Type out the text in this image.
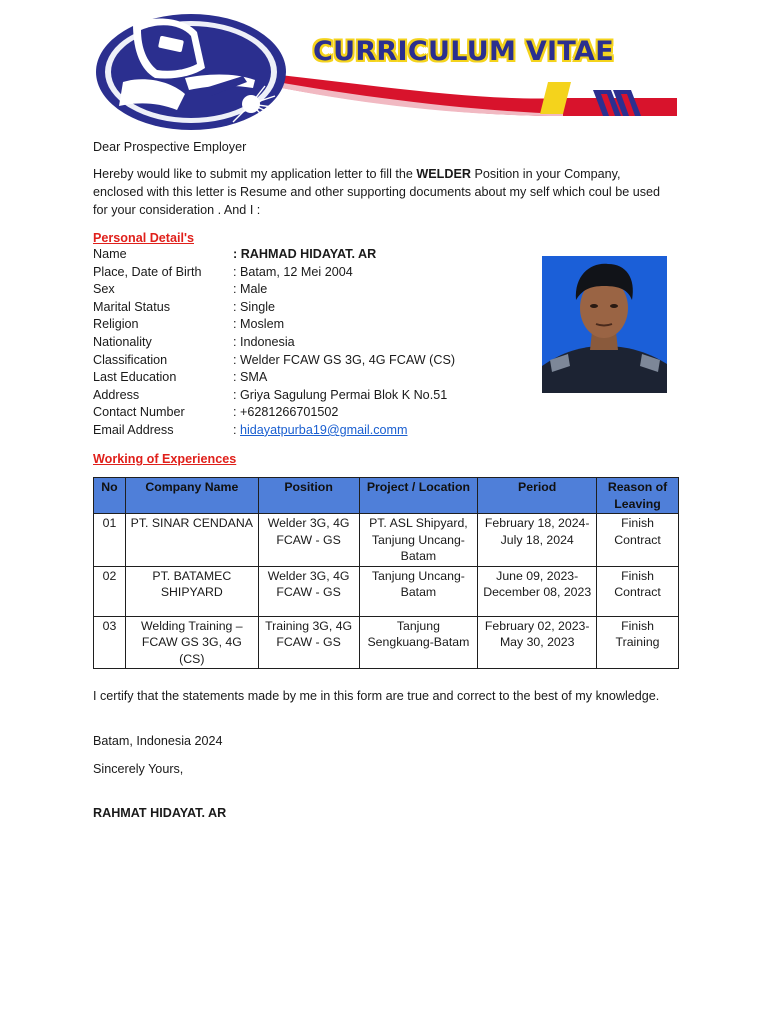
CURRICULUM VITAE
Dear Prospective Employer
Hereby would like to submit my application letter to fill the WELDER Position in your Company, enclosed with this letter is Resume and other supporting documents about my self which coul be used for your consideration . And I :
Personal Detail's
Name	: RAHMAD HIDAYAT. AR
Place, Date of Birth	: Batam, 12 Mei 2004
Sex	: Male
Marital Status	: Single
Religion	: Moslem
Nationality	: Indonesia
Classification	: Welder FCAW GS 3G, 4G FCAW (CS)
Last Education	: SMA
Address	: Griya Sagulung Permai Blok K No.51
Contact Number	: +6281266701502
Email Address	: hidayatpurba19@gmail.comm
Working of Experiences
No	Company Name	Position	Project / Location	Period	Reason of Leaving
01	PT. SINAR CENDANA	Welder 3G, 4G FCAW - GS	PT. ASL Shipyard, Tanjung Uncang-Batam	February 18, 2024-July 18, 2024	Finish Contract
02	PT. BATAMEC SHIPYARD	Welder 3G, 4G FCAW - GS	Tanjung Uncang-Batam	June 09, 2023-December 08, 2023	Finish Contract
03	Welding Training – FCAW GS 3G, 4G (CS)	Training 3G, 4G FCAW - GS	Tanjung Sengkuang-Batam	February 02, 2023-May 30, 2023	Finish Training
I certify that the statements made by me in this form are true and correct to the best of my knowledge.
Batam, Indonesia 2024
Sincerely Yours,
RAHMAT HIDAYAT. AR
